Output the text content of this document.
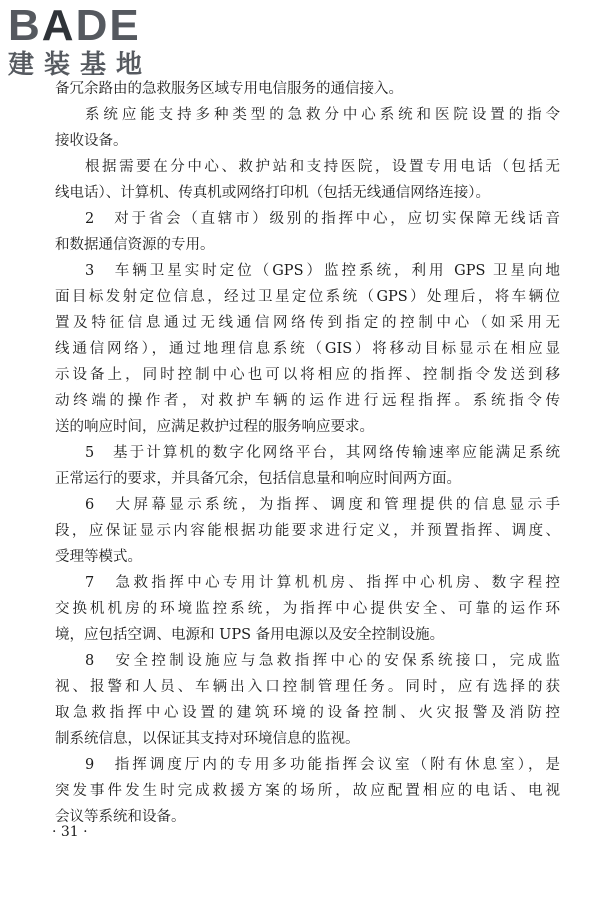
BADE
建装基地
备冗余路由的急救服务区域专用电信服务的通信接入。
系统应能支持多种类型的急救分中心系统和医院设置的指令
接收设备。
根据需要在分中心、救护站和支持医院，设置专用电话（包括无
线电话）、计算机、传真机或网络打印机（包括无线通信网络连接）。
2　对于省会（直辖市）级别的指挥中心，应切实保障无线话音
和数据通信资源的专用。
3　车辆卫星实时定位（GPS）监控系统，利用 GPS 卫星向地
面目标发射定位信息，经过卫星定位系统（GPS）处理后，将车辆位
置及特征信息通过无线通信网络传到指定的控制中心（如采用无
线通信网络），通过地理信息系统（GIS）将移动目标显示在相应显
示设备上，同时控制中心也可以将相应的指挥、控制指令发送到移
动终端的操作者，对救护车辆的运作进行远程指挥。系统指令传
送的响应时间，应满足救护过程的服务响应要求。
5　基于计算机的数字化网络平台，其网络传输速率应能满足系统
正常运行的要求，并具备冗余，包括信息量和响应时间两方面。
6　大屏幕显示系统，为指挥、调度和管理提供的信息显示手
段，应保证显示内容能根据功能要求进行定义，并预置指挥、调度、
受理等模式。
7　急救指挥中心专用计算机机房、指挥中心机房、数字程控
交换机机房的环境监控系统，为指挥中心提供安全、可靠的运作环
境，应包括空调、电源和 UPS 备用电源以及安全控制设施。
8　安全控制设施应与急救指挥中心的安保系统接口，完成监
视、报警和人员、车辆出入口控制管理任务。同时，应有选择的获
取急救指挥中心设置的建筑环境的设备控制、火灾报警及消防控
制系统信息，以保证其支持对环境信息的监视。
9　指挥调度厅内的专用多功能指挥会议室（附有休息室），是
突发事件发生时完成救援方案的场所，故应配置相应的电话、电视
会议等系统和设备。
· 31 ·
